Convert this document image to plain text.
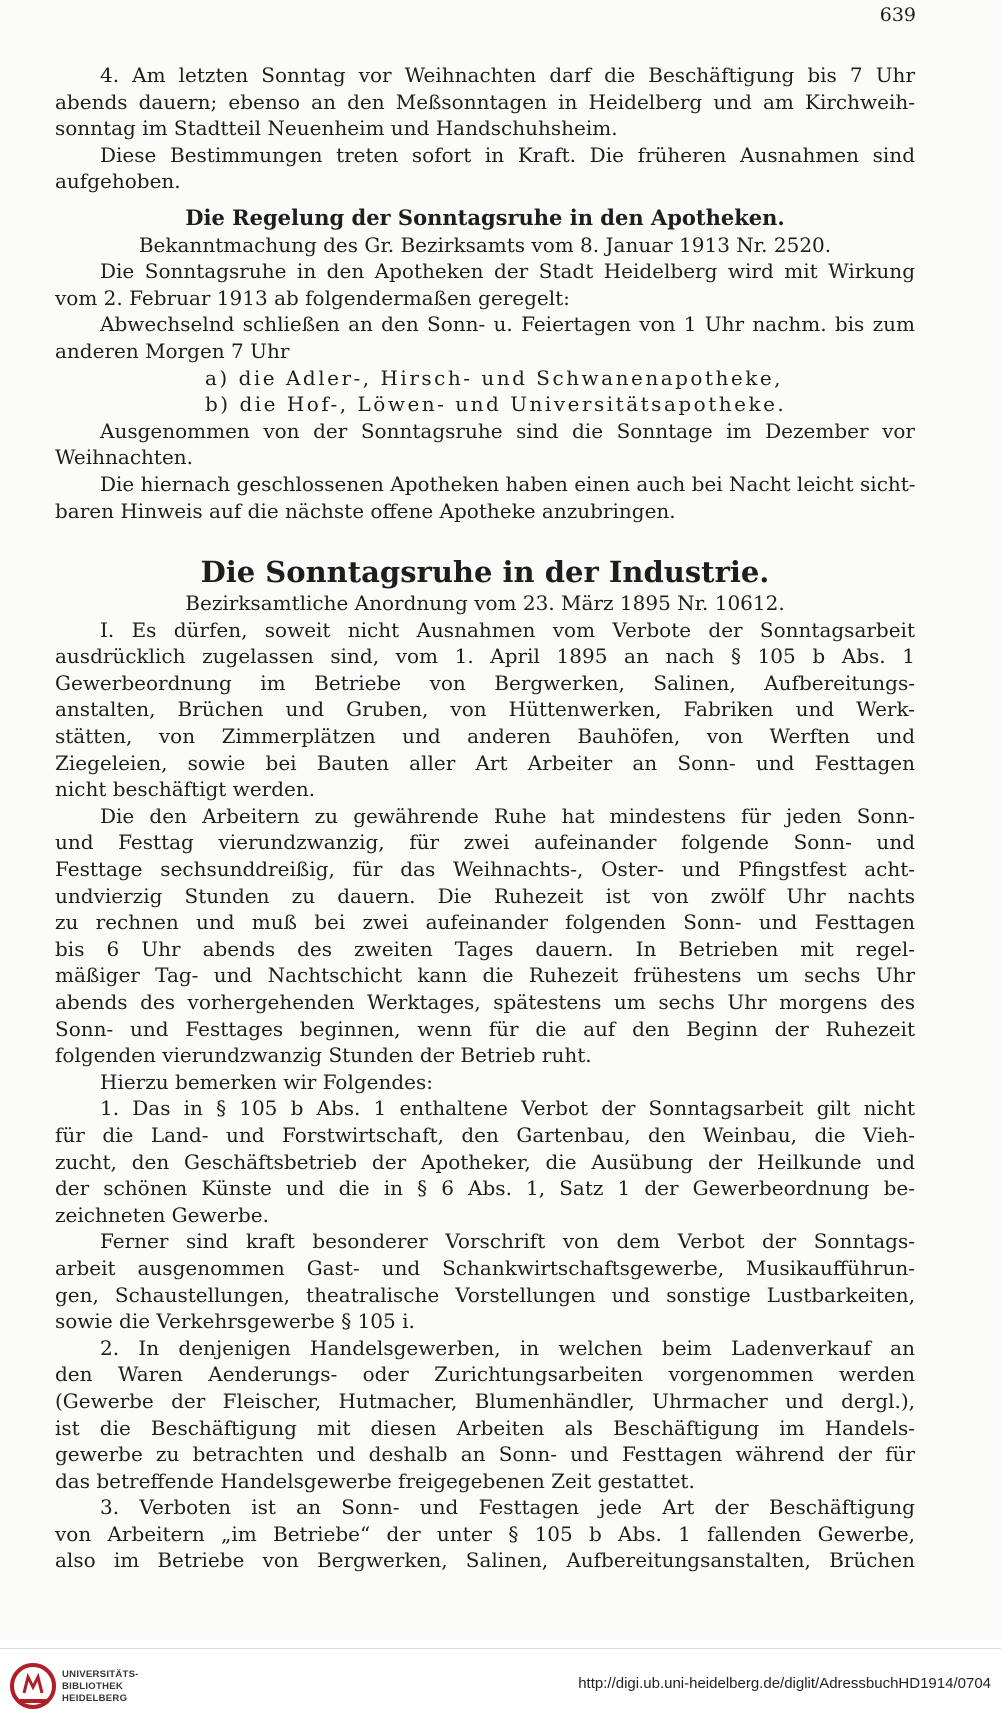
639
4. Am letzten Sonntag vor Weihnachten darf die Beschäftigung bis 7 Uhr
abends dauern; ebenso an den Meßsonntagen in Heidelberg und am Kirchweih-
sonntag im Stadtteil Neuenheim und Handschuhsheim.
Diese Bestimmungen treten sofort in Kraft. Die früheren Ausnahmen sind
aufgehoben.
Die Regelung der Sonntagsruhe in den Apotheken.
Bekanntmachung des Gr. Bezirksamts vom 8. Januar 1913 Nr. 2520.
Die Sonntagsruhe in den Apotheken der Stadt Heidelberg wird mit Wirkung
vom 2. Februar 1913 ab folgendermaßen geregelt:
Abwechselnd schließen an den Sonn- u. Feiertagen von 1 Uhr nachm. bis zum
anderen Morgen 7 Uhr
a) die Adler-, Hirsch- und Schwanenapotheke,
b) die Hof-, Löwen- und Universitätsapotheke.
Ausgenommen von der Sonntagsruhe sind die Sonntage im Dezember vor
Weihnachten.
Die hiernach geschlossenen Apotheken haben einen auch bei Nacht leicht sicht-
baren Hinweis auf die nächste offene Apotheke anzubringen.
Die Sonntagsruhe in der Industrie.
Bezirksamtliche Anordnung vom 23. März 1895 Nr. 10612.
I. Es dürfen, soweit nicht Ausnahmen vom Verbote der Sonntagsarbeit
ausdrücklich zugelassen sind, vom 1. April 1895 an nach § 105 b Abs. 1
Gewerbeordnung im Betriebe von Bergwerken, Salinen, Aufbereitungs-
anstalten, Brüchen und Gruben, von Hüttenwerken, Fabriken und Werk-
stätten, von Zimmerplätzen und anderen Bauhöfen, von Werften und
Ziegeleien, sowie bei Bauten aller Art Arbeiter an Sonn- und Festtagen
nicht beschäftigt werden.
Die den Arbeitern zu gewährende Ruhe hat mindestens für jeden Sonn-
und Festtag vierundzwanzig, für zwei aufeinander folgende Sonn- und
Festtage sechsunddreißig, für das Weihnachts-, Oster- und Pfingstfest acht-
undvierzig Stunden zu dauern. Die Ruhezeit ist von zwölf Uhr nachts
zu rechnen und muß bei zwei aufeinander folgenden Sonn- und Festtagen
bis 6 Uhr abends des zweiten Tages dauern. In Betrieben mit regel-
mäßiger Tag- und Nachtschicht kann die Ruhezeit frühestens um sechs Uhr
abends des vorhergehenden Werktages, spätestens um sechs Uhr morgens des
Sonn- und Festtages beginnen, wenn für die auf den Beginn der Ruhezeit
folgenden vierundzwanzig Stunden der Betrieb ruht.
Hierzu bemerken wir Folgendes:
1. Das in § 105 b Abs. 1 enthaltene Verbot der Sonntagsarbeit gilt nicht
für die Land- und Forstwirtschaft, den Gartenbau, den Weinbau, die Vieh-
zucht, den Geschäftsbetrieb der Apotheker, die Ausübung der Heilkunde und
der schönen Künste und die in § 6 Abs. 1, Satz 1 der Gewerbeordnung be-
zeichneten Gewerbe.
Ferner sind kraft besonderer Vorschrift von dem Verbot der Sonntags-
arbeit ausgenommen Gast- und Schankwirtschaftsgewerbe, Musikaufführun-
gen, Schaustellungen, theatralische Vorstellungen und sonstige Lustbarkeiten,
sowie die Verkehrsgewerbe § 105 i.
2. In denjenigen Handelsgewerben, in welchen beim Ladenverkauf an
den Waren Aenderungs- oder Zurichtungsarbeiten vorgenommen werden
(Gewerbe der Fleischer, Hutmacher, Blumenhändler, Uhrmacher und dergl.),
ist die Beschäftigung mit diesen Arbeiten als Beschäftigung im Handels-
gewerbe zu betrachten und deshalb an Sonn- und Festtagen während der für
das betreffende Handelsgewerbe freigegebenen Zeit gestattet.
3. Verboten ist an Sonn- und Festtagen jede Art der Beschäftigung
von Arbeitern „im Betriebe“ der unter § 105 b Abs. 1 fallenden Gewerbe,
also im Betriebe von Bergwerken, Salinen, Aufbereitungsanstalten, Brüchen
UNIVERSITÄTS-
BIBLIOTHEK
HEIDELBERG
http://digi.ub.uni-heidelberg.de/diglit/AdressbuchHD1914/0704
